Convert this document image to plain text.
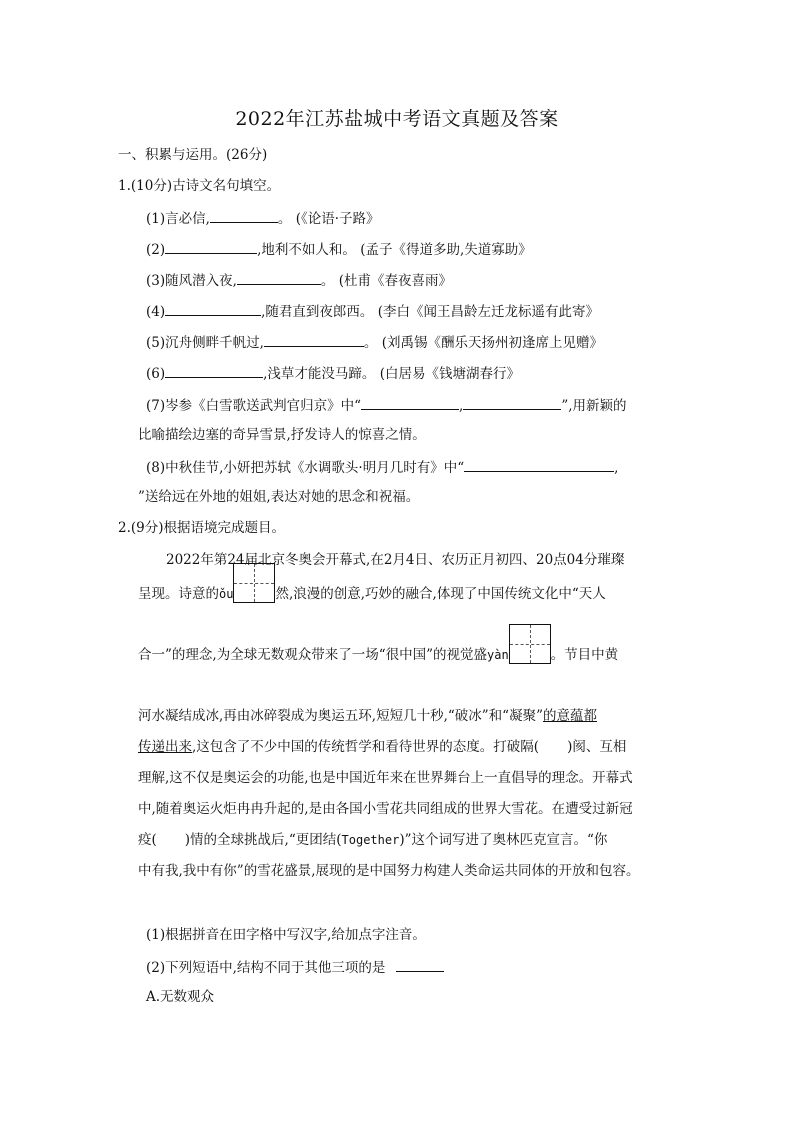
2022年江苏盐城中考语文真题及答案
一、积累与运用。(26分)
1.(10分)古诗文名句填空。
(1)言必信,	。 (《论语·子路》
(2)	,地利不如人和。 (孟子《得道多助,失道寡助》
(3)随风潜入夜,	。 (杜甫《春夜喜雨》
(4)	,随君直到夜郎西。 (李白《闻王昌龄左迁龙标遥有此寄》
(5)沉舟侧畔千帆过,	。 (刘禹锡《酬乐天扬州初逢席上见赠》
(6)	,浅草才能没马蹄。 (白居易《钱塘湖春行》
(7)岑参《白雪歌送武判官归京》中“	,	”,用新颖的
比喻描绘边塞的奇异雪景,抒发诗人的惊喜之情。
(8)中秋佳节,小妍把苏轼《水调歌头·明月几时有》中“	,
”送给远在外地的姐姐,表达对她的思念和祝福。
2.(9分)根据语境完成题目。
2022年第24届北京冬奥会开幕式,在2月4日、农历正月初四、20点04分璀璨
呈现。诗意的ǒu	然,浪漫的创意,巧妙的融合,体现了中国传统文化中“天人
合一”的理念,为全球无数观众带来了一场“很中国”的视觉盛yàn	。节目中黄
河水凝结成冰,再由冰碎裂成为奥运五环,短短几十秒,“破冰”和“凝聚”的意蕴都
传递出来,这包含了不少中国的传统哲学和看待世界的态度。打破隔( )阂、互相
理解,这不仅是奥运会的功能,也是中国近年来在世界舞台上一直倡导的理念。开幕式
中,随着奥运火炬冉冉升起的,是由各国小雪花共同组成的世界大雪花。在遭受过新冠
疫( )情的全球挑战后,“更团结(Together)”这个词写进了奥林匹克宣言。“你
中有我,我中有你”的雪花盛景,展现的是中国努力构建人类命运共同体的开放和包容。
(1)根据拼音在田字格中写汉字,给加点字注音。
(2)下列短语中,结构不同于其他三项的是
A.无数观众
